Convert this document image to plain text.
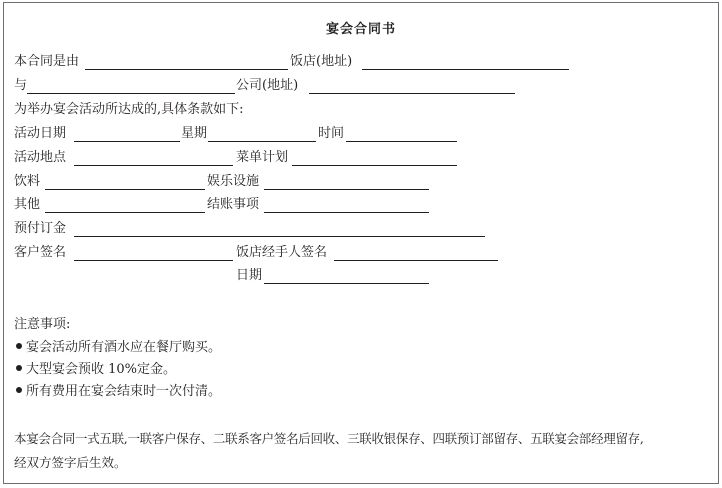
宴会合同书
本合同是由	饭店(地址)
与	公司(地址)
为举办宴会活动所达成的,具体条款如下:
活动日期	星期	时间
活动地点	菜单计划
饮料	娱乐设施
其他	结账事项
预付订金
客户签名	饭店经手人签名
日期
注意事项:
宴会活动所有酒水应在餐厅购买。
大型宴会预收 10%定金。
所有费用在宴会结束时一次付清。
本宴会合同一式五联,一联客户保存、二联系客户签名后回收、三联收银保存、四联预订部留存、五联宴会部经理留存,
经双方签字后生效。
